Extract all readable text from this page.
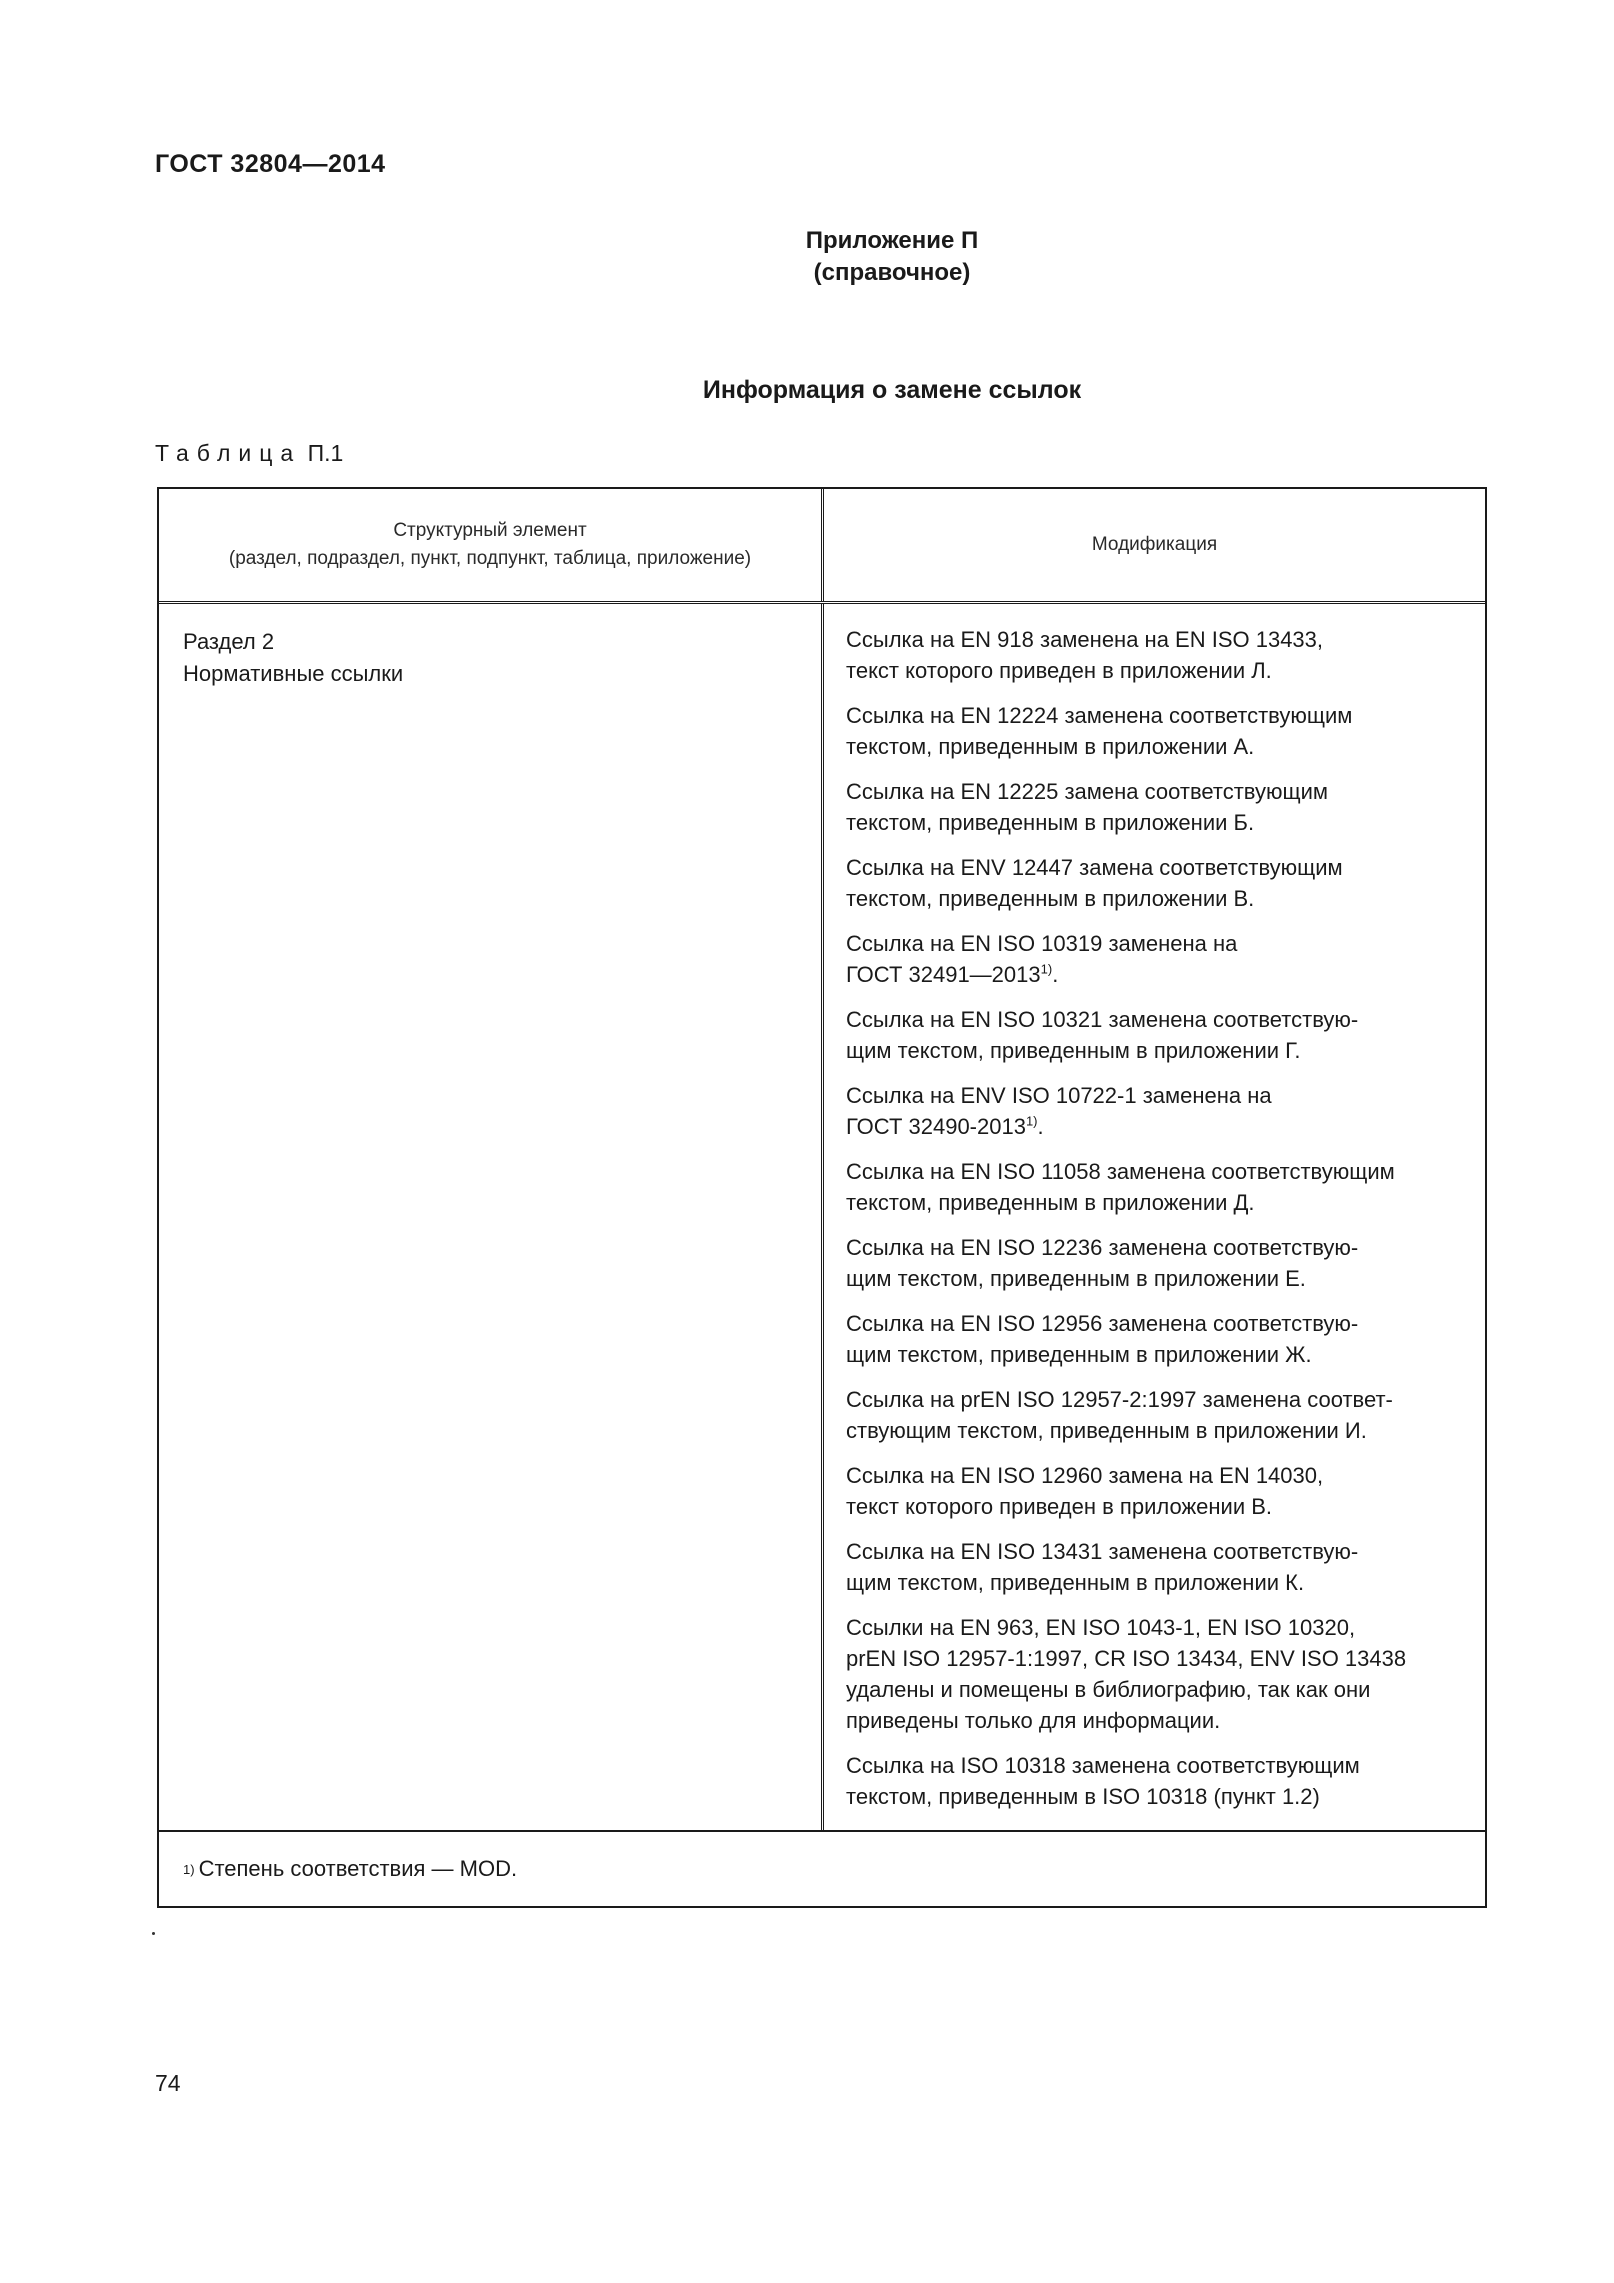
ГОСТ 32804—2014
Приложение П
(справочное)
Информация о замене ссылок
Таблица П.1
Структурный элемент
(раздел, подраздел, пункт, подпункт, таблица, приложение)
Модификация
Раздел 2
Нормативные ссылки
Ссылка на EN 918 заменена на EN ISO 13433,
текст которого приведен в приложении Л.
Ссылка на EN 12224 заменена соответствующим
текстом, приведенным в приложении А.
Ссылка на EN 12225 замена соответствующим
текстом, приведенным в приложении Б.
Ссылка на ENV 12447 замена соответствующим
текстом, приведенным в приложении В.
Ссылка на EN ISO 10319 заменена на
ГОСТ 32491—2013$^{1)}$.
Ссылка на EN ISO 10321 заменена соответствую-
щим текстом, приведенным в приложении Г.
Ссылка на ENV ISO 10722-1 заменена на
ГОСТ 32490-2013$^{1)}$.
Ссылка на EN ISO 11058 заменена соответствующим
текстом, приведенным в приложении Д.
Ссылка на EN ISO 12236 заменена соответствую-
щим текстом, приведенным в приложении Е.
Ссылка на EN ISO 12956 заменена соответствую-
щим текстом, приведенным в приложении Ж.
Ссылка на prEN ISO 12957-2:1997 заменена соответ-
ствующим текстом, приведенным в приложении И.
Ссылка на EN ISO 12960 замена на EN 14030,
текст которого приведен в приложении В.
Ссылка на EN ISO 13431 заменена соответствую-
щим текстом, приведенным в приложении К.
Ссылки на EN 963, EN ISO 1043-1, EN ISO 10320,
prEN ISO 12957-1:1997, CR ISO 13434, ENV ISO 13438
удалены и помещены в библиографию, так как они
приведены только для информации.
Ссылка на ISO 10318 заменена соответствующим
текстом, приведенным в ISO 10318 (пункт 1.2)
1) Степень соответствия — MOD.
74
